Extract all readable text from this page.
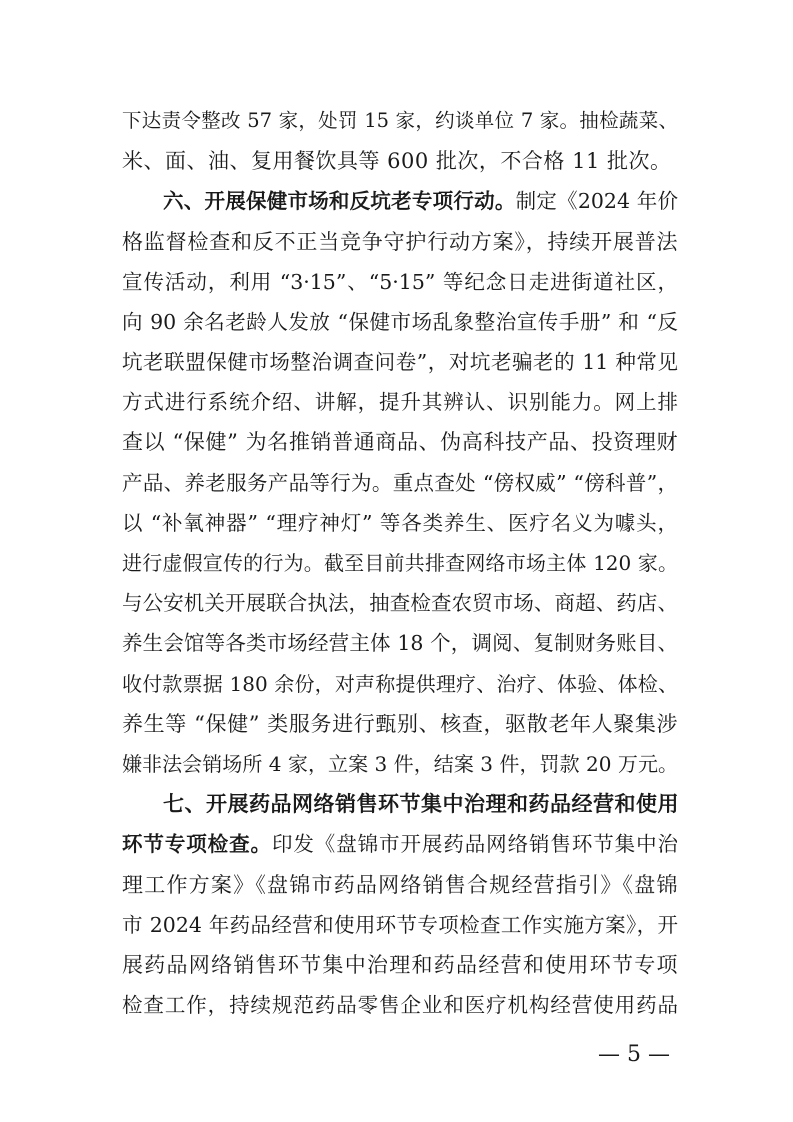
下达责令整改 57 家，处罚 15 家，约谈单位 7 家。抽检蔬菜、
米、面、油、复用餐饮具等 600 批次，不合格 11 批次。
六、开展保健市场和反坑老专项行动。制定《2024 年价
格监督检查和反不正当竞争守护行动方案》，持续开展普法
宣传活动，利用 “3·15”、“5·15” 等纪念日走进街道社区，
向 90 余名老龄人发放 “保健市场乱象整治宣传手册” 和 “反
坑老联盟保健市场整治调查问卷”，对坑老骗老的 11 种常见
方式进行系统介绍、讲解，提升其辨认、识别能力。网上排
查以 “保健” 为名推销普通商品、伪高科技产品、投资理财
产品、养老服务产品等行为。重点查处 “傍权威” “傍科普”，
以 “补氧神器” “理疗神灯” 等各类养生、医疗名义为噱头，
进行虚假宣传的行为。截至目前共排查网络市场主体 120 家。
与公安机关开展联合执法，抽查检查农贸市场、商超、药店、
养生会馆等各类市场经营主体 18 个，调阅、复制财务账目、
收付款票据 180 余份，对声称提供理疗、治疗、体验、体检、
养生等 “保健” 类服务进行甄别、核查，驱散老年人聚集涉
嫌非法会销场所 4 家，立案 3 件，结案 3 件，罚款 20 万元。
七、开展药品网络销售环节集中治理和药品经营和使用
环节专项检查。印发《盘锦市开展药品网络销售环节集中治
理工作方案》《盘锦市药品网络销售合规经营指引》《盘锦
市 2024 年药品经营和使用环节专项检查工作实施方案》，开
展药品网络销售环节集中治理和药品经营和使用环节专项
检查工作，持续规范药品零售企业和医疗机构经营使用药品
— 5 —
